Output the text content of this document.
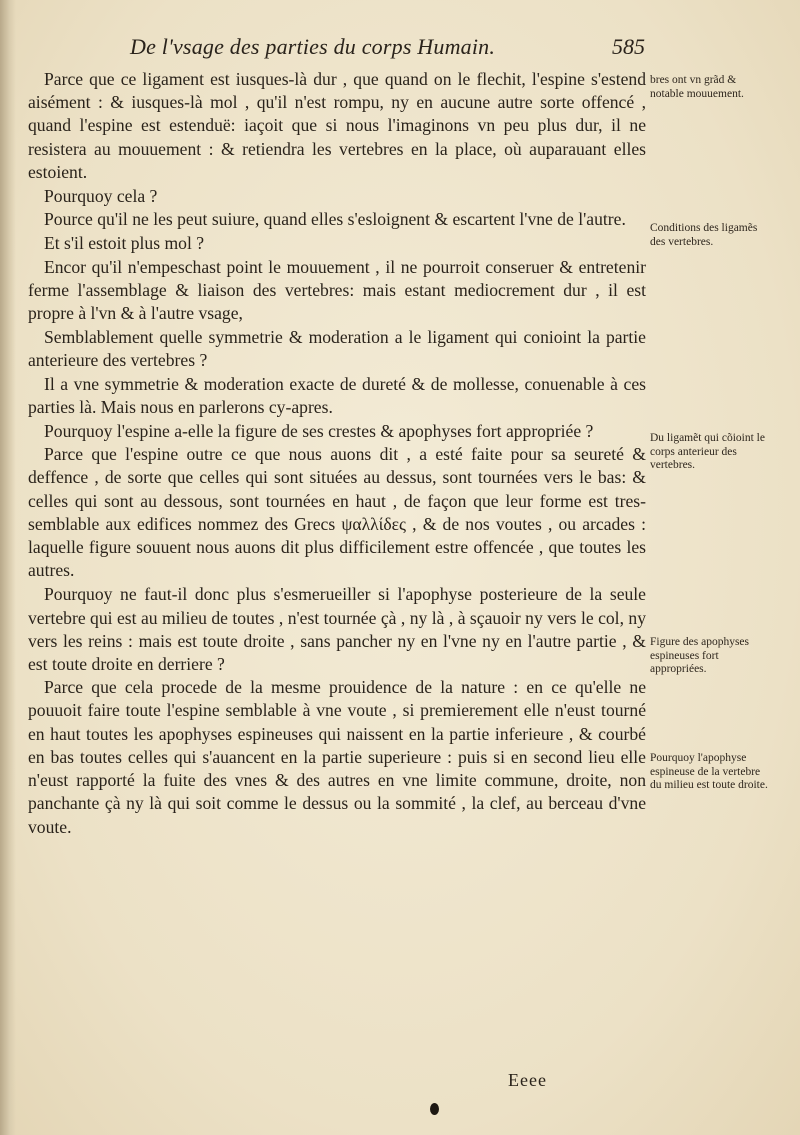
De l'vsage des parties du corps Humain.	585

Parce que ce ligament est iusques-là dur , que quand on le flechit, l'espine s'estend aisément : & iusques-là mol , qu'il n'est rompu, ny en aucune autre sorte offencé , quand l'espine est estenduë: iaçoit que si nous l'imaginons vn peu plus dur, il ne resistera au mouuement : & retiendra les vertebres en la place, où auparauant elles estoient.

Pourquoy cela ?

Pource qu'il ne les peut suiure, quand elles s'esloignent & escartent l'vne de l'autre.

Et s'il estoit plus mol ?

Encor qu'il n'empeschast point le mouuement , il ne pourroit conseruer & entretenir ferme l'assemblage & liaison des vertebres: mais estant mediocrement dur , il est propre à l'vn & à l'autre vsage,

Semblablement quelle symmetrie & moderation a le ligament qui conioint la partie anterieure des vertebres ?

Il a vne symmetrie & moderation exacte de dureté & de mollesse, conuenable à ces parties là. Mais nous en parlerons cy-apres.

Pourquoy l'espine a-elle la figure de ses crestes & apophyses fort appropriée ?

Parce que l'espine outre ce que nous auons dit , a esté faite pour sa seureté & deffence , de sorte que celles qui sont situées au dessus, sont tournées vers le bas: & celles qui sont au dessous, sont tournées en haut , de façon que leur forme est tres-semblable aux edifices nommez des Grecs ψαλλίδες , & de nos voutes , ou arcades : laquelle figure souuent nous auons dit plus difficilement estre offencée , que toutes les autres.

Pourquoy ne faut-il donc plus s'esmerueiller si l'apophyse posterieure de la seule vertebre qui est au milieu de toutes , n'est tournée çà , ny là , à sçauoir ny vers le col, ny vers les reins : mais est toute droite , sans pancher ny en l'vne ny en l'autre partie , & est toute droite en derriere ?

Parce que cela procede de la mesme prouidence de la nature : en ce qu'elle ne pouuoit faire toute l'espine semblable à vne voute , si premierement elle n'eust tourné en haut toutes les apophyses espineuses qui naissent en la partie inferieure , & courbé en bas toutes celles qui s'auancent en la partie superieure : puis si en second lieu elle n'eust rapporté la fuite des vnes & des autres en vne limite commune, droite, non panchante çà ny là qui soit comme le dessus ou la sommité , la clef, au berceau d'vne voute.

bres ont vn grãd & notable mouuement.
Conditions des ligamẽs des vertebres.
Du ligamẽt qui cõioint le corps anterieur des vertebres.
Figure des apophyses espineuses fort appropriées.
Pourquoy l'apophyse espineuse de la vertebre du milieu est toute droite.
Eeee
